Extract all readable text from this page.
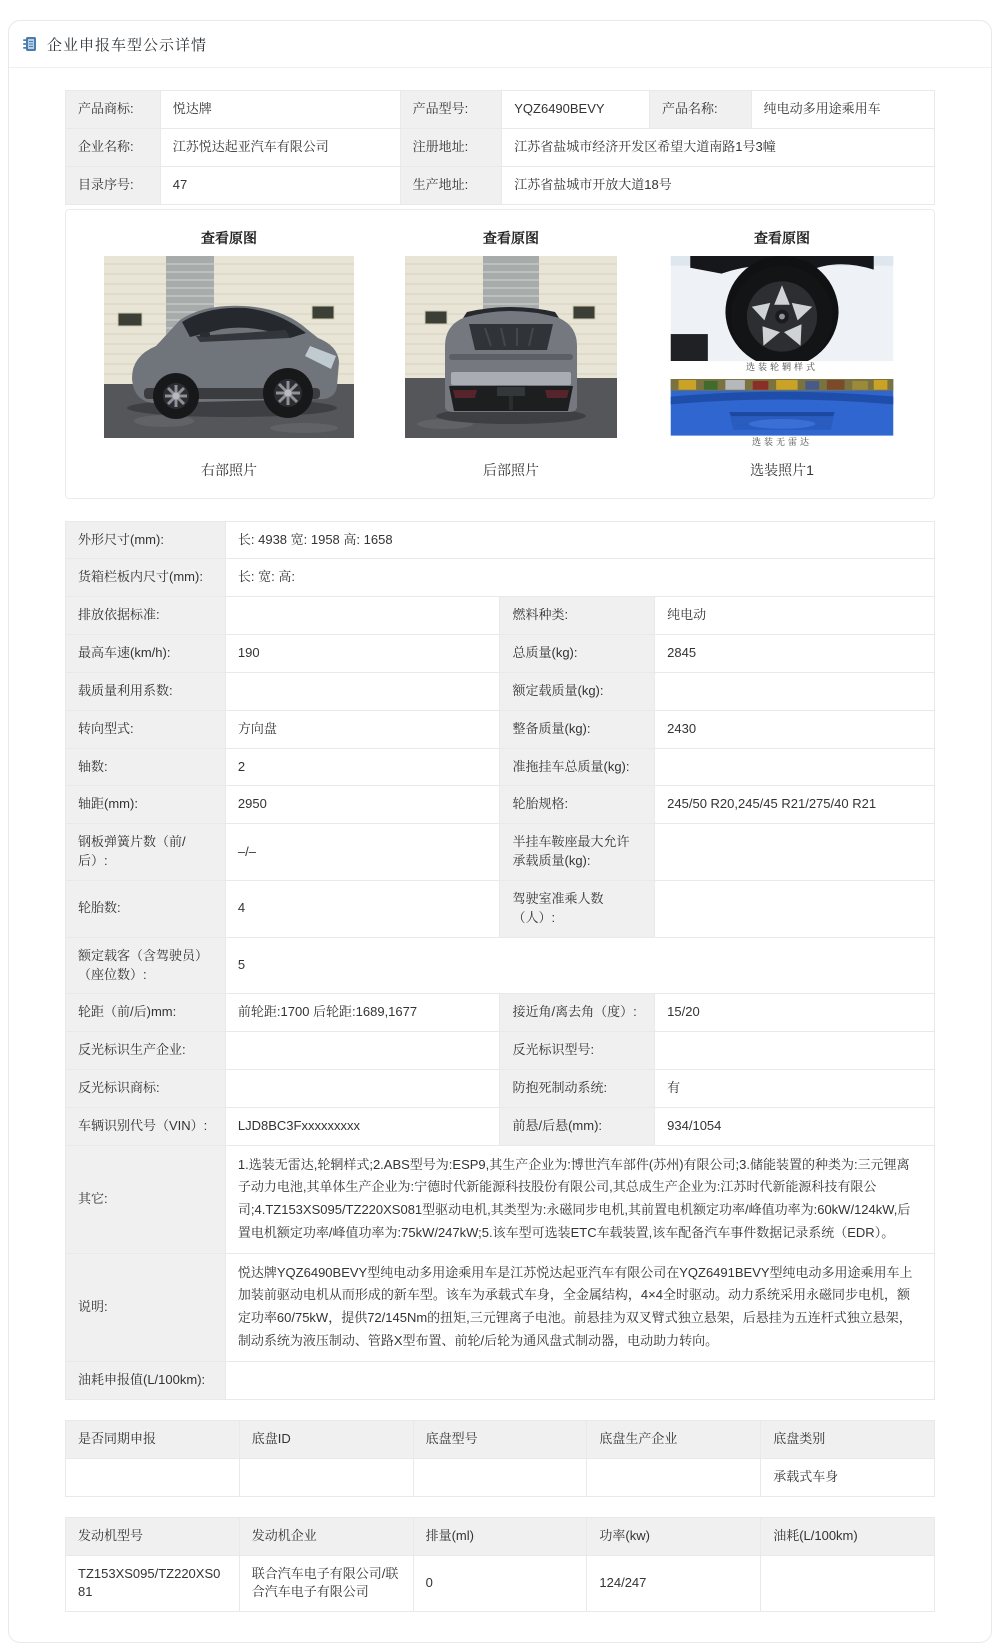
企业申报车型公示详情
产品商标:	悦达牌	产品型号:	YQZ6490BEVY	产品名称:	纯电动多用途乘用车
企业名称:	江苏悦达起亚汽车有限公司	注册地址:	江苏省盐城市经济开发区希望大道南路1号3幢		
目录序号:	47	生产地址:	江苏省盐城市开放大道18号		
查看原图
右部照片
查看原图
后部照片
查看原图
选装轮辋样式
选装无雷达
选装照片1
外形尺寸(mm):	长: 4938 宽: 1958 高: 1658		
货箱栏板内尺寸(mm):	长: 宽: 高:		
排放依据标准:		燃料种类:	纯电动
最高车速(km/h):	190	总质量(kg):	2845
载质量利用系数:		额定载质量(kg):	
转向型式:	方向盘	整备质量(kg):	2430
轴数:	2	准拖挂车总质量(kg):	
轴距(mm):	2950	轮胎规格:	245/50 R20,245/45 R21/275/40 R21
钢板弹簧片数（前/后）:	–/–	半挂车鞍座最大允许承载质量(kg):	
轮胎数:	4	驾驶室准乘人数（人）:	
额定载客（含驾驶员）（座位数）:	5		
轮距（前/后)mm:	前轮距:1700 后轮距:1689,1677	接近角/离去角（度）:	15/20
反光标识生产企业:		反光标识型号:	
反光标识商标:		防抱死制动系统:	有
车辆识别代号（VIN）:	LJD8BC3Fxxxxxxxxx	前悬/后悬(mm):	934/1054
其它:	1.选装无雷达,轮辋样式;2.ABS型号为:ESP9,其生产企业为:博世汽车部件(苏州)有限公司;3.储能装置的种类为:三元锂离子动力电池,其单体生产企业为:宁德时代新能源科技股份有限公司,其总成生产企业为:江苏时代新能源科技有限公司;4.TZ153XS095/TZ220XS081型驱动电机,其类型为:永磁同步电机,其前置电机额定功率/峰值功率为:60kW/124kW,后置电机额定功率/峰值功率为:75kW/247kW;5.该车型可选装ETC车载装置,该车配备汽车事件数据记录系统（EDR）。		
说明:	悦达牌YQZ6490BEVY型纯电动多用途乘用车是江苏悦达起亚汽车有限公司在YQZ6491BEVY型纯电动多用途乘用车上加装前驱动电机从而形成的新车型。该车为承载式车身，全金属结构，4×4全时驱动。动力系统采用永磁同步电机，额定功率60/75kW，提供72/145Nm的扭矩,三元锂离子电池。前悬挂为双叉臂式独立悬架，后悬挂为五连杆式独立悬架，制动系统为液压制动、管路X型布置、前轮/后轮为通风盘式制动器，电动助力转向。		
油耗申报值(L/100km):			
是否同期申报	底盘ID	底盘型号	底盘生产企业	底盘类别
				承载式车身
发动机型号	发动机企业	排量(ml)	功率(kw)	油耗(L/100km)
TZ153XS095/TZ220XS081	联合汽车电子有限公司/联合汽车电子有限公司	0	124/247	
